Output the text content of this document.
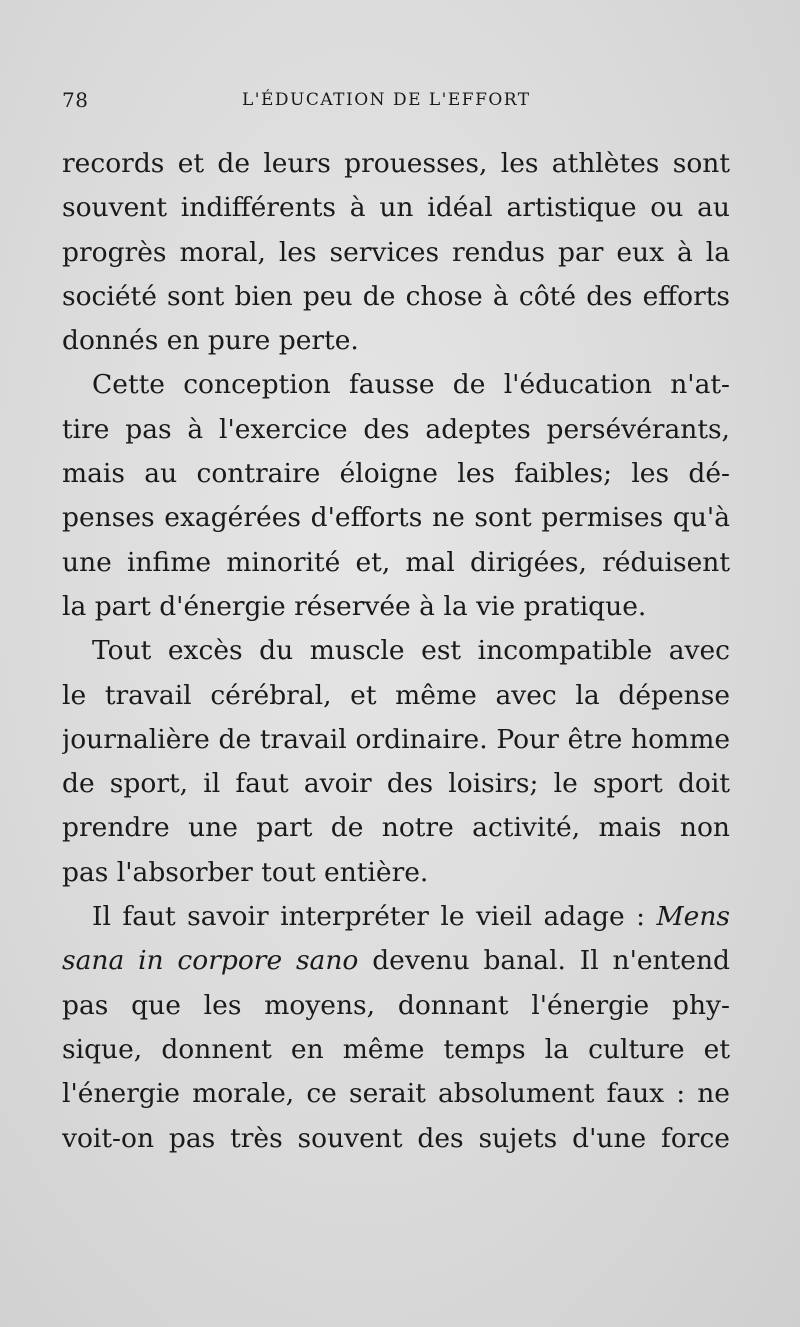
78	L'ÉDUCATION DE L'EFFORT
records et de leurs prouesses, les athlètes sont
souvent indifférents à un idéal artistique ou au
progrès moral, les services rendus par eux à la
société sont bien peu de chose à côté des efforts
donnés en pure perte.
Cette conception fausse de l'éducation n'at-
tire pas à l'exercice des adeptes persévérants,
mais au contraire éloigne les faibles; les dé-
penses exagérées d'efforts ne sont permises qu'à
une infime minorité et, mal dirigées, réduisent
la part d'énergie réservée à la vie pratique.
Tout excès du muscle est incompatible avec
le travail cérébral, et même avec la dépense
journalière de travail ordinaire. Pour être homme
de sport, il faut avoir des loisirs; le sport doit
prendre une part de notre activité, mais non
pas l'absorber tout entière.
Il faut savoir interpréter le vieil adage : Mens
sana in corpore sano devenu banal. Il n'entend
pas que les moyens, donnant l'énergie phy-
sique, donnent en même temps la culture et
l'énergie morale, ce serait absolument faux : ne
voit-on pas très souvent des sujets d'une force
